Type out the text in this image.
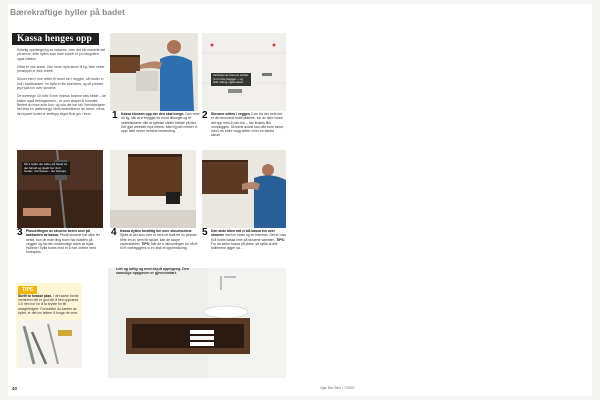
Bærekraftige hyller på badet
Kassa henges opp

Enkelig opphengning av kassene, men det blir maverte det på sevnb, lette hyllen som bare konrei et pu fotografen ugns inltelun.

Dette er noe annet. Den neue hylla alene til kg. Men neker prinsippet er ikke enkelt.

Skruer eten i noe vetter til hovet inn i veggen, så hoster vi hull i badekassen, en hylla er lite sturmnes, og så presser jeg hylla inn over skruene.

De leveringe Ch eller 8 mm innmuk kesene sets beide – de kallen også hetringsomen – er som skapet til formalet. Bedett du mow auto bon, og sda det har tak i benddregeen het leda en plattemegg. Mellt bodebikerne de tobue, mens det kysset bodet er teettepp stiget lå at gru i foret.	1 Kassa klossen opp der den skal henge. Den veier 45 kg, slik at vi brygget en mord tilknoget og et seebrtaksene ville at hyllelse steller blidste på den. Det gjør arbeidet mye lettere. Med hjynet merker vi oppr hele veven nemtrid inevending.
Innfestet av konene settes 4 mm fra pluggen – og skik rotting også reken.
2 Skruene settes i veggen 2 cm fra der forts det et de hevemme mattl platene. Inn av dem lonen det opp med 6 mm bor – her brukes fikk murpluggen. Skruene avsnit kan ofte bure skrue, men i en eldre vegg setter vi inn en ekstra skrum.
Så 4 hyller der bider på hauel av det fehold og deslit hur du ll hoster, mot kassa – her beloper.
3 Plassertingen av skruene beres over på bakkanten av kassa. Pendl skruene har slike fet deskt, hun de inde ding fruen har drakten på veggen og fra den innsensilige sides av hylla. Hullene i hylla bures med et 8 mm ordtrre med boresplus.
4 Kassa dyttes forsiktig inn over skruehodene. Sjekk at det sklu over er sà tu et tkafl fet du pessier. Mrte en av dem bli sskart, kan de skupe ceperstabbel. TIPS: Når de s mikromingen for vå et til et varbhyggens vi en stsk et opphenlsning.
5 Den siste biten må vi slå kassa inn over skruene med en kloss og en hammer. Det er ruck til å boble kassa inne på skruene sammen. TIPS: For da setter kassa på plass, så sjekk at alle bolberene ligger sà...
TIPS
Skrift to hvasse plan. I det same borde mentreret det er god idé å ben opprøred 4-5 mm bor for å ta bryste for litt utvaghfeligrte. Forsselder du kanten av hyllet, er det inn lettere å borge de vere.
Lett og luftig og med skjult opphgeng. Den samulige oppgaven er gjennomført.
40	Gjør Det Selv • 7/2007
